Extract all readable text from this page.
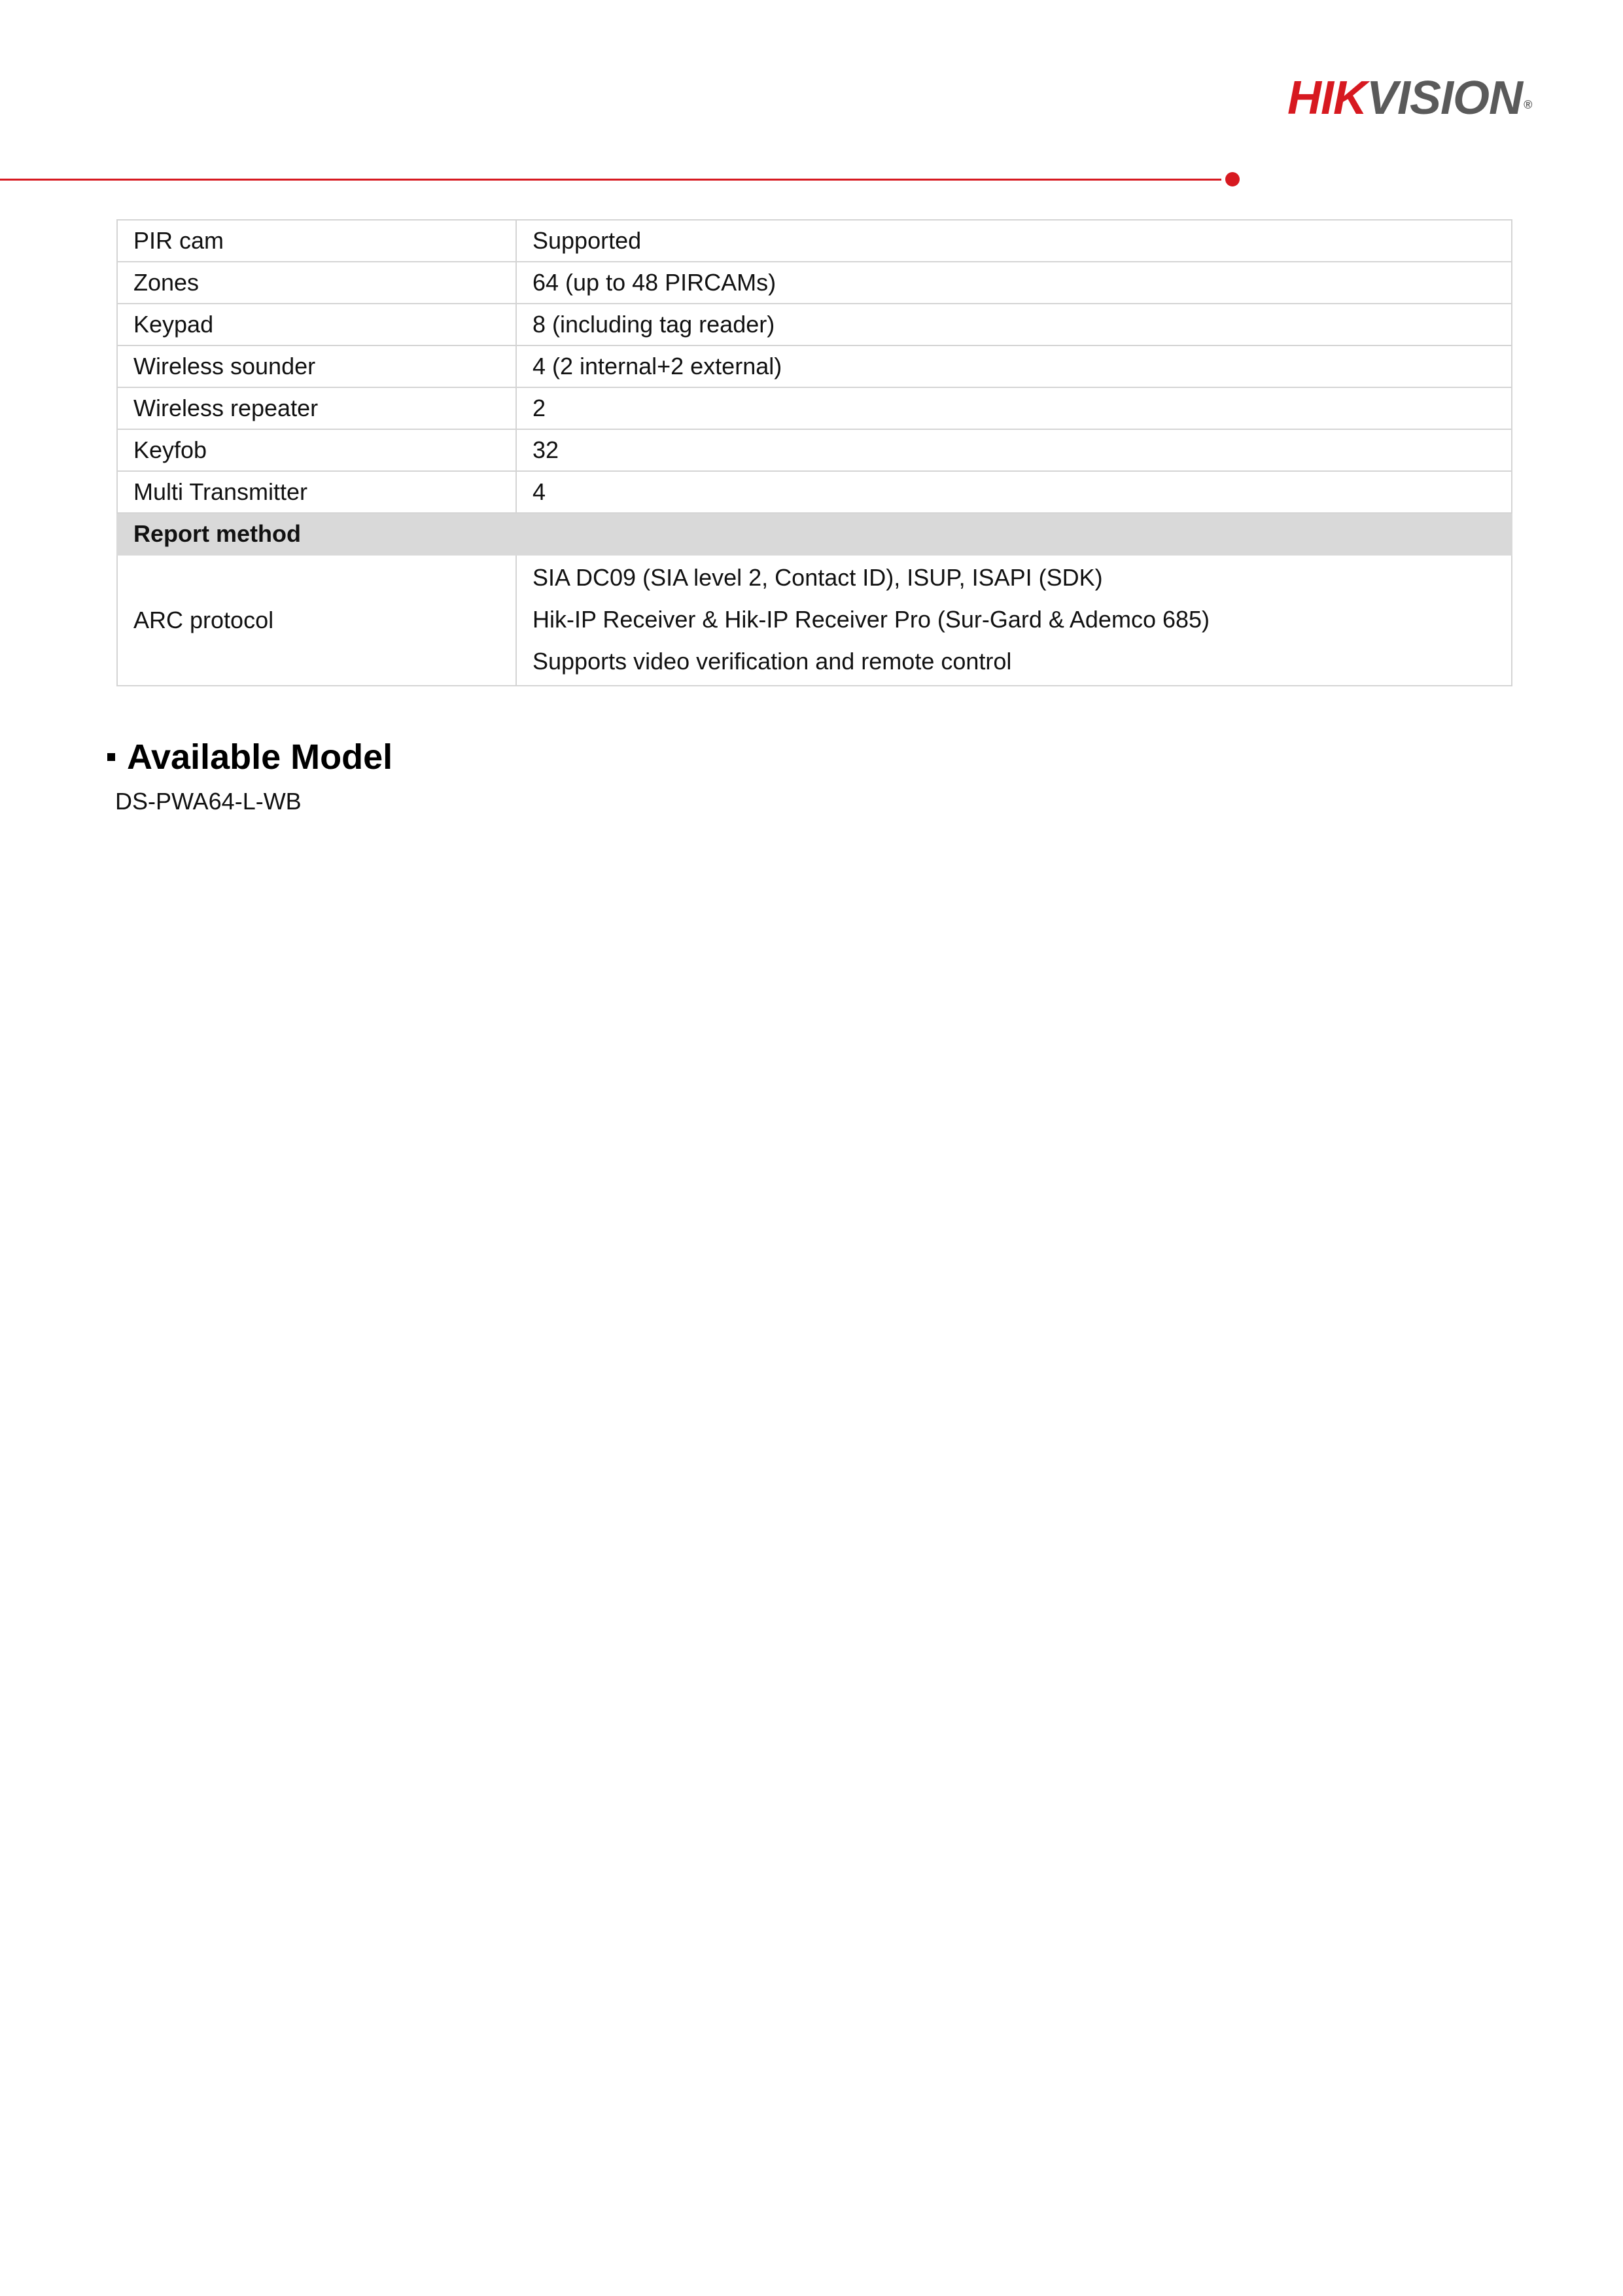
HIKVISION ®
PIR cam	Supported
Zones	64 (up to 48 PIRCAMs)
Keypad	8 (including tag reader)
Wireless sounder	4 (2 internal+2 external)
Wireless repeater	2
Keyfob	32
Multi Transmitter	4
Report method	
ARC protocol	SIA DC09 (SIA level 2, Contact ID), ISUP, ISAPI (SDK)
Hik-IP Receiver & Hik-IP Receiver Pro (Sur-Gard & Ademco 685)
Supports video verification and remote control
Available Model
DS-PWA64-L-WB
